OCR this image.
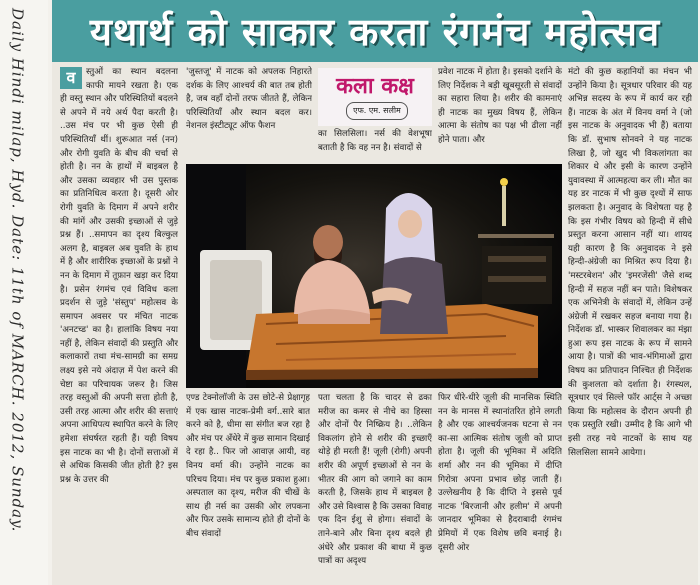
Daily Hindi milap, Hyd. Date: 11th of MARCH. 2012, Sunday. यथार्थ को साकार करता रंगमंच महोत्सव
व	स्तुओं का स्थान बदलना काफी मायने रखता है। एक ही वस्तु स्थान और परिस्थितियों बदलने से अपने में नये अर्थ पैदा करती है। ..उस मंच पर भी कुछ ऐसी ही परिस्थितियाँ थीं। शुरूआत नर्स (नन) और रोगी युवति के बीच की चर्चा से होती है। नन के हाथों में बाइबल है और उसका व्यवहार भी उस पुस्तक का प्रतिनिधित्व करता है। दूसरी ओर रोगी युवति के दिमाग में अपने शरीर की मांगें और उसकी इच्छाओं से जुड़े प्रश्न हैं। ..समापन का दृश्य बिल्कुल अलग है, बाइबल अब युवति के हाथ में है और शारीरिक इच्छाओं के प्रश्नों ने नन के दिमाग में तूफ़ान खड़ा कर दिया है। प्रसेन रंगमंच एवं विविध कला प्रदर्शन से जुड़े 'संस्तुप' महोत्सव के समापन अवसर पर मंचित नाटक 'अनटच्ड' का है। हालांकि विषय नया नहीं है, लेकिन संवादों की प्रस्तुति और कलाकारों तथा मंच-सामग्री का समग्र लक्ष्य इसे नये अंदाज़ में पेश करने की चेष्टा का परिचायक जरूर है। जिस तरह वस्तुओं की अपनी सत्ता होती है, उसी तरह आत्मा और शरीर की सत्ताएं अपना आधिपत्य स्थापित करने के लिए हमेशा संघर्षरत रहती हैं। यही विषय इस नाटक का भी है। दोनों सत्ताओं में से अधिक किसकी जीत होती है? इस प्रश्न के उत्तर की

'जुस्तजू' में नाटक को अपलक निहारते दर्शक के लिए आश्चर्य की बात तब होती है, जब वहाँ दोनों तरफ जीतते हैं, लेकिन परिस्थितियाँ और स्थान बदल कर। नेशनल इंस्टीट्यूट ऑफ फैशन

कला कक्ष
एफ. एम. सलीम

का सिलसिला। नर्स की वेशभूषा बताती है कि वह नन है। संवादों से

प्रवेश नाटक में होता है। इसको दर्शाने के लिए निर्देशक ने बड़ी खूबसूरती से संवादों का सहारा लिया है। शरीर की कामनाएं ही नाटक का मुख्य विषय हैं, लेकिन आत्मा के संतोष का पक्ष भी ढीला नहीं होने पाता। और

एण्ड टेक्नोलॉजी के उस छोटे-से प्रेक्षागृह में एक खास नाटक-प्रेमी वर्ग..सारे बात करने को है, धीमा सा संगीत बज रहा है और मंच पर अँधेरे में कुछ सामान दिखाई दे रहा है.. फिर जो आवाज़ आयी, वह विनय वर्मा की। उन्होंने नाटक का परिचय दिया। मंच पर कुछ प्रकाश हुआ। अस्पताल का दृश्य, मरीज की चीखें के साथ ही नर्स का उसकी ओर लपकना और फिर उसके सामान्य होते ही दोनों के बीच संवादों

पता चलता है कि चादर से ढका मरीज का कमर से नीचे का हिस्सा और दोनों पैर निष्क्रिय है। ..लेकिन विकलांग होने से शरीर की इच्छाएँ थोड़े ही मरती हैं! जूली (रोगी) अपनी शरीर की अपूर्ण इच्छाओं से नन के भीतर की आग को जगाने का काम करती है, जिसके हाथ में बाइबल है और उसे विश्वास है कि उसका विवाह एक दिन ईशु से होगा। संवादों के ताने-बाने और बिना दृश्य बदले ही अंधेरे और प्रकाश की बाधा में कुछ पात्रों का अदृश्य

फिर धीरे-धीरे जूली की मानसिक स्थिति नन के मानस में स्थानांतरित होने लगती है और एक आश्चर्यजनक घटना से नन का-सा आत्मिक संतोष जूली को प्राप्त होता है। जूली की भूमिका में अदिति शर्मा और नन की भूमिका में दीप्ति गिरोत्रा अपना प्रभाव छोड़ जाती हैं। उल्लेखनीय है कि दीप्ति ने इससे पूर्व नाटक 'बिरजानी और हलीम' में अपनी जानदार भूमिका से हैदराबादी रंगमंच प्रेमियों में एक विशेष छवि बनाई है। दूसरी ओर

मंटो की कुछ कहानियों का मंचन भी उन्होंने किया है। सूत्रधार परिवार की यह अभिन्न सदस्य के रूप में कार्य कर रही हैं। नाटक के अंत में विनय वर्मा ने (जो इस नाटक के अनुवादक भी हैं) बताया कि डॉ. सुभाष सोनवने ने यह नाटक लिखा है, जो खुद भी विकलांगता का शिकार थे और इसी के कारण उन्होंने युवावस्था में आत्महत्या कर ली। मौत का यह डर नाटक में भी कुछ दृश्यों में साफ झलकता है। अनुवाद के विशेषता यह है कि इस गंभीर विषय को हिन्दी में सीधे प्रस्तुत करना आसान नहीं था। शायद यही कारण है कि अनुवादक ने इसे हिन्दी-अंग्रेजी का मिश्रित रूप दिया है। 'मस्टरबेशन' और 'इमरजेंसी' जैसे शब्द हिन्दी में सहज नहीं बन पाते। विशेषकर एक अभिनेत्री के संवादों में, लेकिन उन्हें अंग्रेजी में रखकर सहज बनाया गया है। निर्देशक डॉ. भास्कर शिवालकर का मंझा हुआ रूप इस नाटक के रूप में सामने आया है। पात्रों की भाव-भंगिमाओं द्वारा विषय का प्रतिपादन निश्चित ही निर्देशक की कुशलता को दर्शाता है। रंगस्थल, सूत्रधार एवं सिल्ले फॉर आर्ट्स ने अच्छा किया कि महोत्सव के दौरान अपनी ही एक प्रस्तुति रखी। उम्मीद है कि आगे भी इसी तरह नये नाटकों के साथ यह सिलसिला सामने आयेगा।
